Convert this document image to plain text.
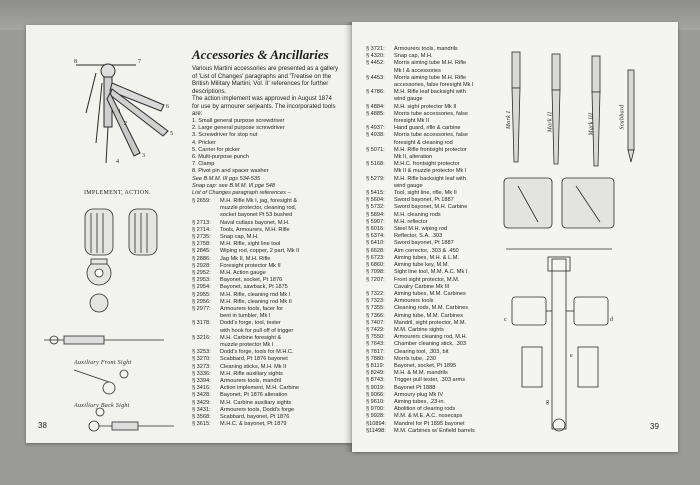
7
8
6
5
3
4
1
2
IMPLEMENT, ACTION.
Auxiliary Front Sight
Auxiliary Back Sight
Accessories & Ancillaries
Various Martini accessories are presented as a gallery of 'List of Changes' paragraphs and 'Treatise on the British Military Martini, Vol. II' references for further descriptions.
The action implement was approved in August 1874 for use by armourer serjeants. The incorporated tools are:
1. Small general purpose screwdriver
2. Large general purpose screwdriver
3. Screwdriver for stop nut
4. Pricker
5. Carrier for picker
6. Multi-purpose punch
7. Clamp
8. Pivot pin and spacer washer
See B.M.M. III pgs 534-535
Snap cap: see B.M.M. III pge 548
List of Changes paragraph references –
§ 2659: M.H. Rifle Mk I, jag, foresight &
muzzle protector, cleaning rod,
socket bayonet Pt 53 bushed
§ 2713: Naval cutlass bayonet, M.H.
§ 2714: Tools, Armourers, M.H. Rifle
§ 2735: Snap cap, M.H.
§ 2758: M.H. Rifle, sight line tool
§ 2845: Wiping rod, copper, 2 part, Mk II
§ 2886: Jag Mk II, M.H. Rifle
§ 2928: Foresight protector Mk II
§ 2952: M.H. Action gauge
§ 2953: Bayonet, socket, Pt 1876
§ 2954: Bayonet, sawback, Pt 1875
§ 2955: M.H. Rifle, cleaning rod Mk I
§ 2956: M.H. Rifle, cleaning rod Mk II
§ 2977: Armourers tools, facer for
bent in tumbler, Mk I
§ 3178: Dodd's forge, tool, tester
with hook for pull off of trigger
§ 3216: M.H. Carbine foresight &
muzzle protector Mk I
§ 3253: Dodd's forge, tools for M.H.C.
§ 3270: Scabbard, Pt 1876 bayonet
§ 3273: Cleaning sticks, M.H. Mk II
§ 3336: M.H. Rifle auxiliary sights
§ 3394: Armourers tools, mandril
§ 3416: Action implement, M.H. Carbine
§ 3428: Bayonet, Pt 1876 alteration
§ 3429: M.H. Carbine auxiliary sights
§ 3431: Armourers tools, Dodd's forge
§ 3568: Scabbard, bayonet, Pt 1876
§ 3615: M.H.C. & bayonet, Pt 1879
38
§ 3721: Armourers tools, mandrils
§ 4320: Snap cap, M.H.
§ 4452: Morris aiming tube M.H. Rifle
Mk I & accessories
§ 4453: Morris aiming tube M.H. Rifle
accessories, false foresight Mk I
§ 4786: M.H. Rifle leaf backsight with
wind gauge
§ 4884: M.H. sight protector Mk II
§ 4885: Morris tube accessories, false
foresight Mk II
§ 4937: Hand guard, rifle & carbine
§ 4938: Morris tube accessories, false
foresight & cleaning rod
§ 5071: M.H. Rifle frontsight protector
Mk II, alteration
§ 5168: M.H.C. frontsight protector
Mk II & muzzle protector Mk I
§ 5279: M.H. Rifle backsight leaf with
wind gauge
§ 5415: Tool, sight line, rifle, Mk II
§ 5604: Sword bayonet, Pt 1887
§ 5732: Sword bayonet, M.H. Carbine
§ 5894: M.H. cleaning rods
§ 5907: M.H. reflector
§ 6016: Steel M.H. wiping rod
§ 6374: Reflector, S.A. .303
§ 6410: Sword bayonet, Pt 1887
§ 6628: Aim corrector, .303 & .450
§ 6723: Aiming tubes, M.H. & L.M.
§ 6860: Aiming tube key, M.M.
§ 7098: Sight line tool, M.M. A.C. Mk I
§ 7207: Front sight protector, M.M.
Cavalry Carbine Mk III
§ 7322: Aiming tubes, M.M. Carbines
§ 7323: Armourers tools
§ 7355: Cleaning rods, M.M. Carbines
§ 7366: Aiming tube, M.M. Carbines
§ 7407: Mandril, sight protector, M.M.
§ 7429: M.M. Carbine sights
§ 7550: Armourers cleaning rod, M.H.
§ 7643: Chamber cleaning stick, .303
§ 7817: Clearing tool, .303, bit
§ 7880: Morris tube, .230
§ 8119: Bayonet, socket, Pt 1895
§ 8249: M.H. & M.M. mandrils
§ 8743: Trigger pull tester, .303 arms
§ 9019: Bayonet Pt 1888
§ 9066: Armoury plug Mk IV
§ 9610: Aiming tubes, .23-in.
§ 9700: Abolition of clearing rods
§ 9928: M.M. & M.E. A.C. nosecaps
§10894: Mandrel for Pt 1895 bayonet
§11498: M.M. Carbines w/ Enfield barrels
Mark I	Mark II	Mark III	Scabbard
c	d
g
e
39
